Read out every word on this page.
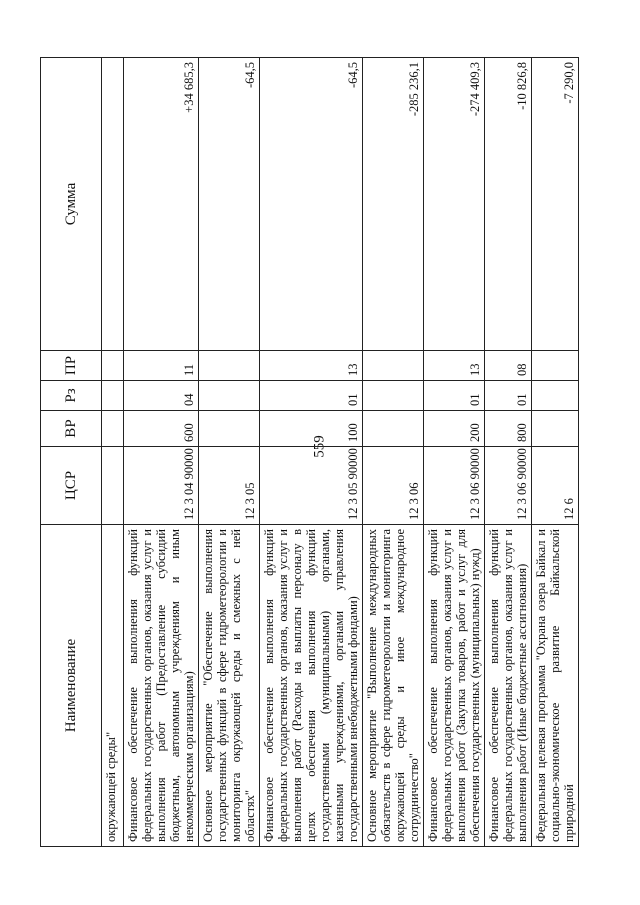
559
Наименование	ЦСР	ВР	Рз	ПР	Сумма
окружающей среды"					
Финансовое обеспечение выполнения функций федеральных государственных органов, оказания услуг и выполнения работ (Предоставление субсидий бюджетным, автономным учреждениям и иным некоммерческим организациям)	12 3 04 90000	600	04	11	+34 685,3
Основное мероприятие "Обеспечение выполнения государственных функций в сфере гидрометеорологии и мониторинга окружающей среды и смежных с ней областях"	12 3 05				-64,5
Финансовое обеспечение выполнения функций федеральных государственных органов, оказания услуг и выполнения работ (Расходы на выплаты персоналу в целях обеспечения выполнения функций государственными (муниципальными) органами, казенными учреждениями, органами управления государственными внебюджетными фондами)	12 3 05 90000	100	01	13	-64,5
Основное мероприятие "Выполнение международных обязательств в сфере гидрометеорологии и мониторинга окружающей среды и иное международное сотрудничество"	12 3 06				-285 236,1
Финансовое обеспечение выполнения функций федеральных государственных органов, оказания услуг и выполнения работ (Закупка товаров, работ и услуг для обеспечения государственных (муниципальных) нужд)	12 3 06 90000	200	01	13	-274 409,3
Финансовое обеспечение выполнения функций федеральных государственных органов, оказания услуг и выполнения работ (Иные бюджетные ассигнования)	12 3 06 90000	800	01	08	-10 826,8
Федеральная целевая программа "Охрана озера Байкал и социально-экономическое развитие Байкальской природной	12 6				-7 290,0
